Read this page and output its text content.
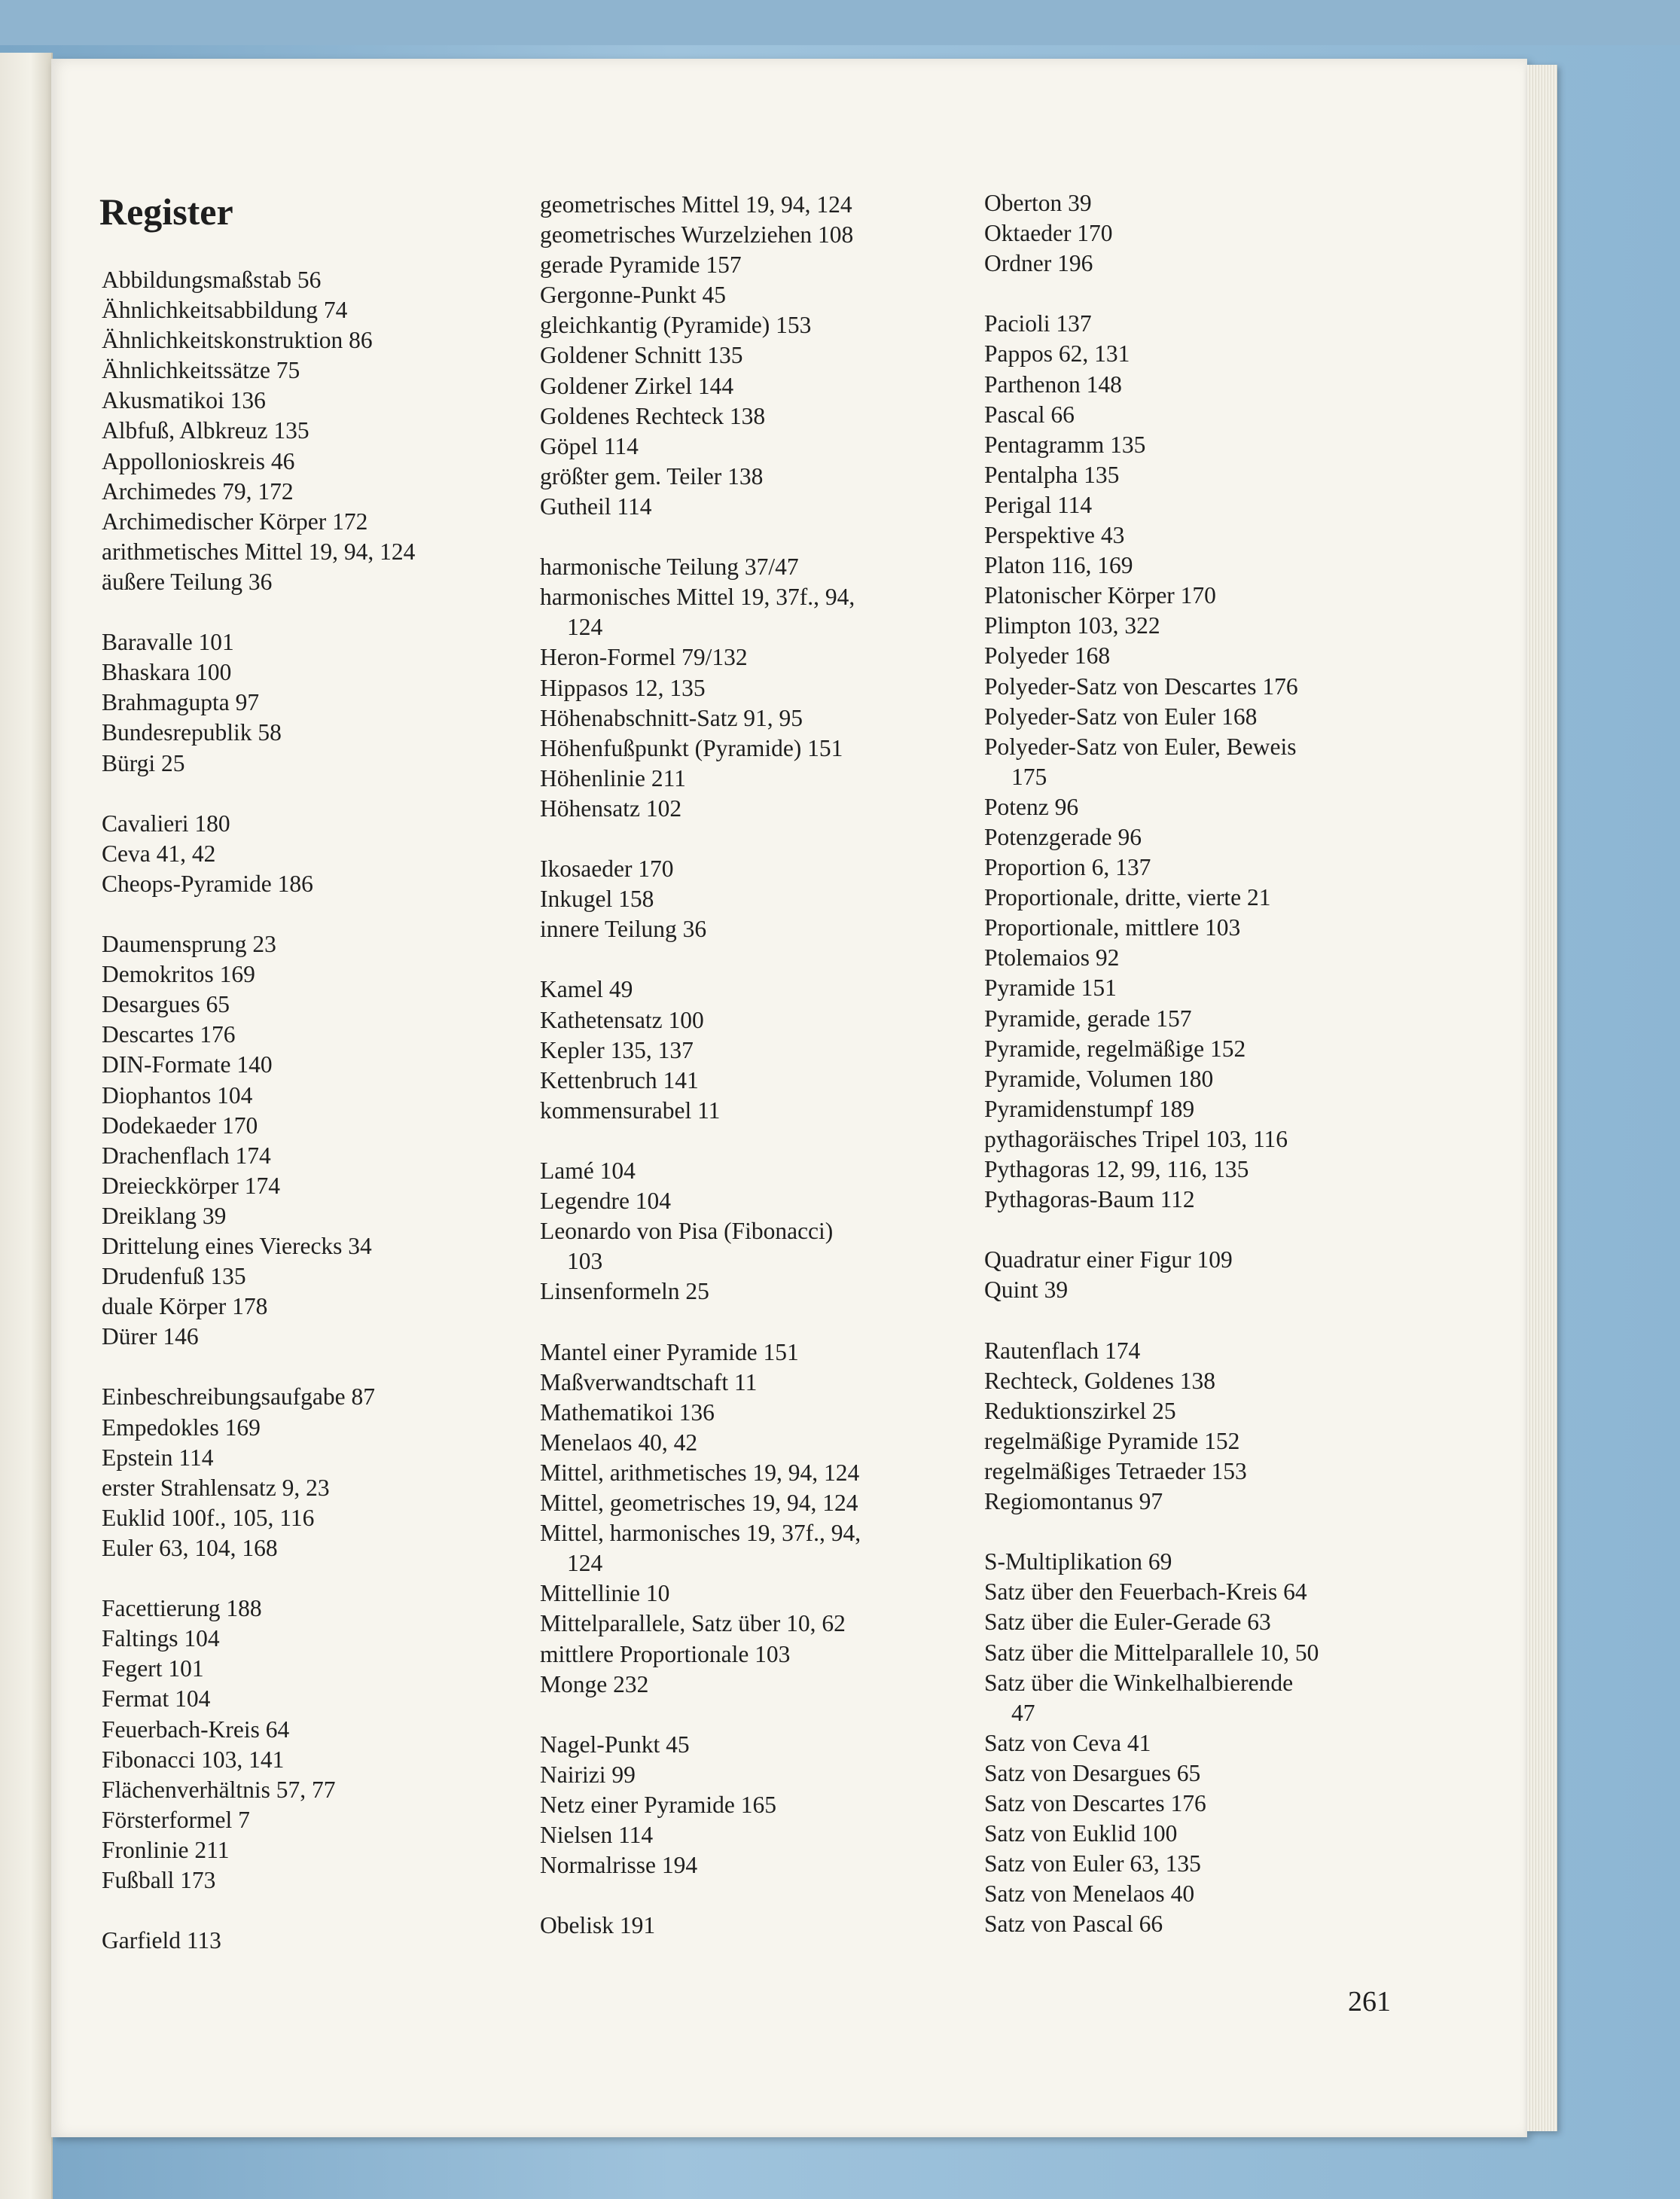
Register
Abbildungsmaßstab 56
Ähnlichkeitsabbildung 74
Ähnlichkeitskonstruktion 86
Ähnlichkeitssätze 75
Akusmatikoi 136
Albfuß, Albkreuz 135
Appollonioskreis 46
Archimedes 79, 172
Archimedischer Körper 172
arithmetisches Mittel 19, 94, 124
äußere Teilung 36
Baravalle 101
Bhaskara 100
Brahmagupta 97
Bundesrepublik 58
Bürgi 25
Cavalieri 180
Ceva 41, 42
Cheops-Pyramide 186
Daumensprung 23
Demokritos 169
Desargues 65
Descartes 176
DIN-Formate 140
Diophantos 104
Dodekaeder 170
Drachenflach 174
Dreieckkörper 174
Dreiklang 39
Drittelung eines Vierecks 34
Drudenfuß 135
duale Körper 178
Dürer 146
Einbeschreibungsaufgabe 87
Empedokles 169
Epstein 114
erster Strahlensatz 9, 23
Euklid 100f., 105, 116
Euler 63, 104, 168
Facettierung 188
Faltings 104
Fegert 101
Fermat 104
Feuerbach-Kreis 64
Fibonacci 103, 141
Flächenverhältnis 57, 77
Försterformel 7
Fronlinie 211
Fußball 173
Garfield 113
geometrisches Mittel 19, 94, 124
geometrisches Wurzelziehen 108
gerade Pyramide 157
Gergonne-Punkt 45
gleichkantig (Pyramide) 153
Goldener Schnitt 135
Goldener Zirkel 144
Goldenes Rechteck 138
Göpel 114
größter gem. Teiler 138
Gutheil 114
harmonische Teilung 37/47
harmonisches Mittel 19, 37f., 94,
124
Heron-Formel 79/132
Hippasos 12, 135
Höhenabschnitt-Satz 91, 95
Höhenfußpunkt (Pyramide) 151
Höhenlinie 211
Höhensatz 102
Ikosaeder 170
Inkugel 158
innere Teilung 36
Kamel 49
Kathetensatz 100
Kepler 135, 137
Kettenbruch 141
kommensurabel 11
Lamé 104
Legendre 104
Leonardo von Pisa (Fibonacci)
103
Linsenformeln 25
Mantel einer Pyramide 151
Maßverwandtschaft 11
Mathematikoi 136
Menelaos 40, 42
Mittel, arithmetisches 19, 94, 124
Mittel, geometrisches 19, 94, 124
Mittel, harmonisches 19, 37f., 94,
124
Mittellinie 10
Mittelparallele, Satz über 10, 62
mittlere Proportionale 103
Monge 232
Nagel-Punkt 45
Nairizi 99
Netz einer Pyramide 165
Nielsen 114
Normalrisse 194
Obelisk 191
Oberton 39
Oktaeder 170
Ordner 196
Pacioli 137
Pappos 62, 131
Parthenon 148
Pascal 66
Pentagramm 135
Pentalpha 135
Perigal 114
Perspektive 43
Platon 116, 169
Platonischer Körper 170
Plimpton 103, 322
Polyeder 168
Polyeder-Satz von Descartes 176
Polyeder-Satz von Euler 168
Polyeder-Satz von Euler, Beweis
175
Potenz 96
Potenzgerade 96
Proportion 6, 137
Proportionale, dritte, vierte 21
Proportionale, mittlere 103
Ptolemaios 92
Pyramide 151
Pyramide, gerade 157
Pyramide, regelmäßige 152
Pyramide, Volumen 180
Pyramidenstumpf 189
pythagoräisches Tripel 103, 116
Pythagoras 12, 99, 116, 135
Pythagoras-Baum 112
Quadratur einer Figur 109
Quint 39
Rautenflach 174
Rechteck, Goldenes 138
Reduktionszirkel 25
regelmäßige Pyramide 152
regelmäßiges Tetraeder 153
Regiomontanus 97
S-Multiplikation 69
Satz über den Feuerbach-Kreis 64
Satz über die Euler-Gerade 63
Satz über die Mittelparallele 10, 50
Satz über die Winkelhalbierende
47
Satz von Ceva 41
Satz von Desargues 65
Satz von Descartes 176
Satz von Euklid 100
Satz von Euler 63, 135
Satz von Menelaos 40
Satz von Pascal 66
261
